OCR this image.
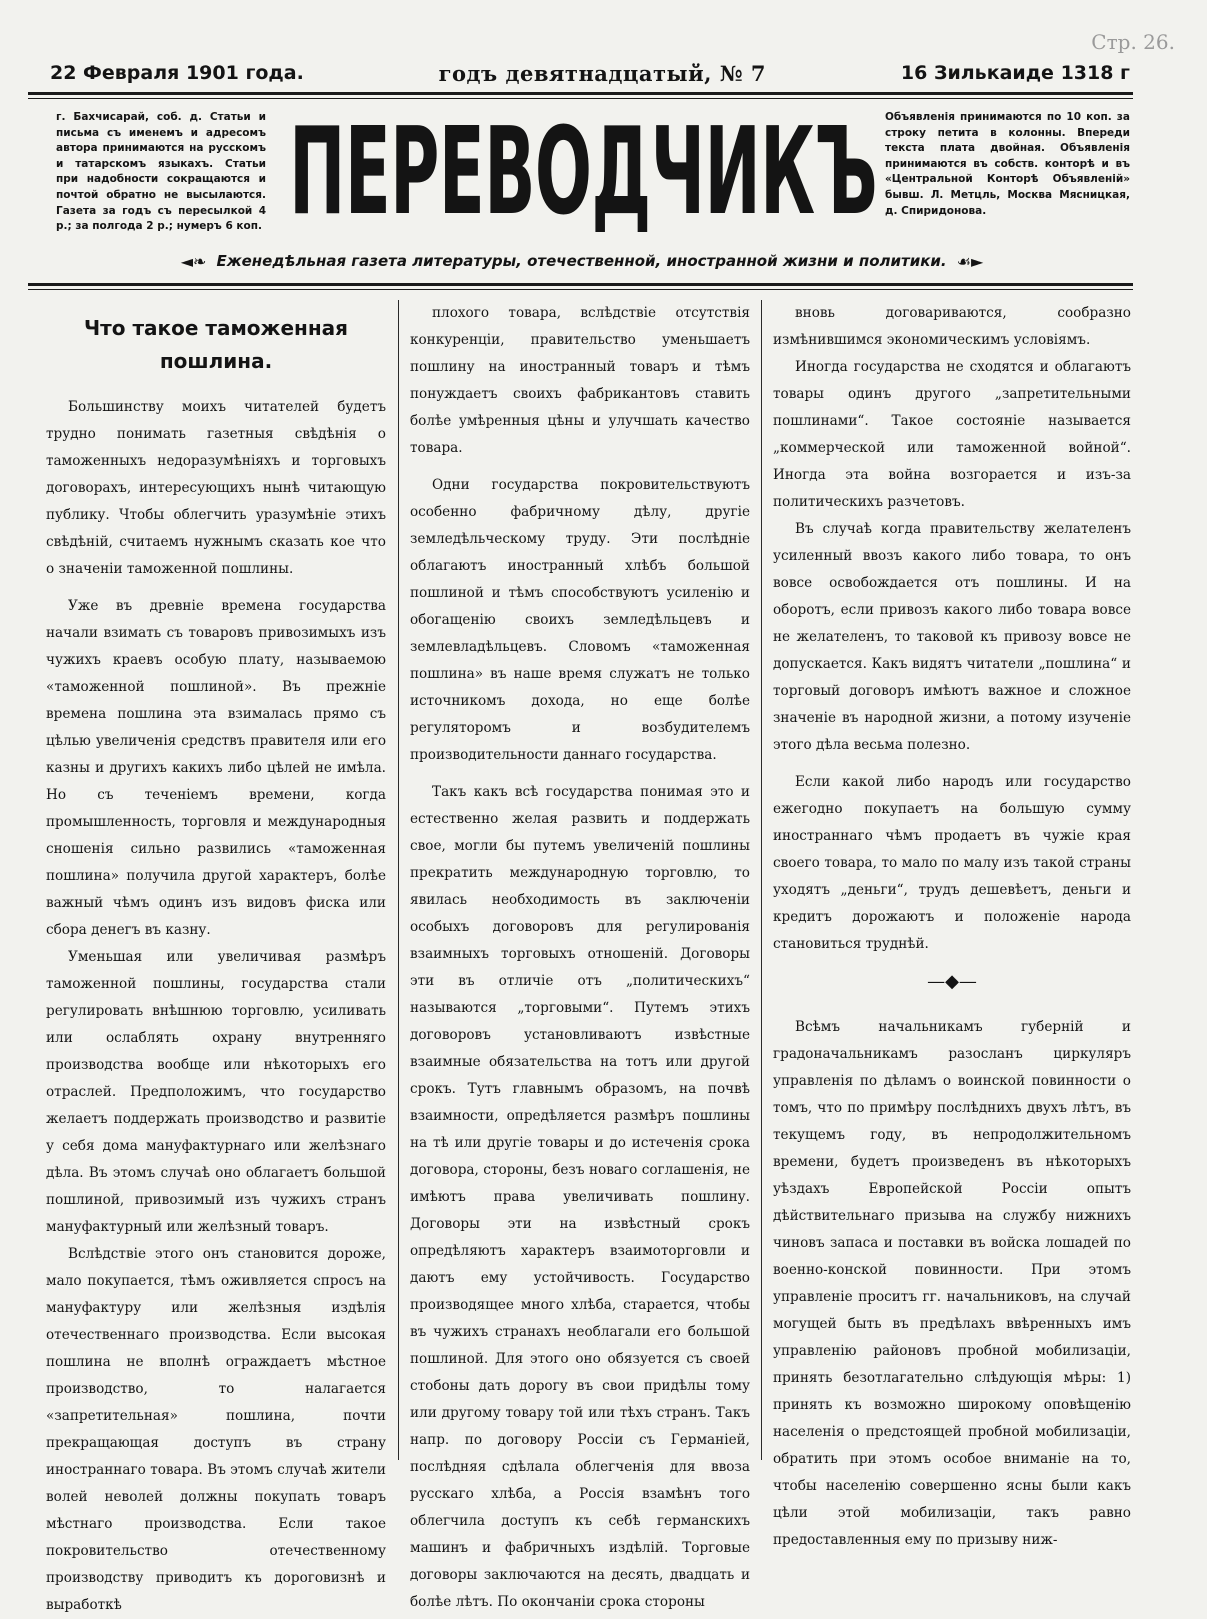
Стр. 26.
22 Февраля 1901 года.	годъ девятнадцатый, № 7	16 Зилькаиде 1318 г
г. Бахчисарай, соб. д. Статьи и письма съ именемъ и адресомъ автора принимаются на русскомъ и татарскомъ языкахъ. Статьи при надобности сокращаются и почтой обратно не высылаются. Газета за годъ съ пересылкой 4 р.; за полгода 2 р.; нумеръ 6 коп. ПЕРЕВОДЧИКЪ Объявленія принимаются по 10 коп. за строку петита в колонны. Впереди текста плата двойная. Объявленія принимаются въ собств. конторѣ и въ «Центральной Конторѣ Объявленій» бывш. Л. Метцль, Москва Мясницкая, д. Спиридонова.
◄❧ Еженедѣльная газета литературы, отечественной, иностранной жизни и политики. ☙►
Что такое таможенная пошлина.

Большинству моихъ читателей будетъ трудно понимать газетныя свѣдѣнія о таможенныхъ недоразумѣніяхъ и торговыхъ договорахъ, интересующихъ нынѣ читающую публику. Чтобы облегчить уразумѣніе этихъ свѣдѣній, считаемъ нужнымъ сказать кое что о значеніи таможенной пошлины.

Уже въ древніе времена государства начали взимать съ товаровъ привозимыхъ изъ чужихъ краевъ особую плату, называемою «таможенной пошлиной». Въ прежніе времена пошлина эта взималась прямо съ цѣлью увеличенія средствъ правителя или его казны и другихъ какихъ либо цѣлей не имѣла. Но съ теченіемъ времени, когда промышленность, торговля и международныя сношенія сильно развились «таможенная пошлина» получила другой характеръ, болѣе важный чѣмъ одинъ изъ видовъ фиска или сбора денегъ въ казну.

Уменьшая или увеличивая размѣръ таможенной пошлины, государства стали регулировать внѣшнюю торговлю, усиливать или ослаблять охрану внутренняго производства вообще или нѣкоторыхъ его отраслей. Предположимъ, что государство желаетъ поддержать производство и развитіе у себя дома мануфактурнаго или желѣзнаго дѣла. Въ этомъ случаѣ оно облагаетъ большой пошлиной, привозимый изъ чужихъ странъ мануфактурный или желѣзный товаръ.

Вслѣдствіе этого онъ становится дороже, мало покупается, тѣмъ оживляется спросъ на мануфактуру или желѣзныя издѣлія отечественнаго производства. Если высокая пошлина не вполнѣ ограждаетъ мѣстное производство, то налагается «запретительная» пошлина, почти прекращающая доступъ въ страну иностраннаго товара. Въ этомъ случаѣ жители волей неволей должны покупать товаръ мѣстнаго производства. Если такое покровительство отечественному производству приводитъ къ дороговизнѣ и выработкѣ

плохого товара, вслѣдствіе отсутствія конкуренціи, правительство уменьшаетъ пошлину на иностранный товаръ и тѣмъ понуждаетъ своихъ фабрикантовъ ставить болѣе умѣренныя цѣны и улучшать качество товара.

Одни государства покровительствуютъ особенно фабричному дѣлу, другіе земледѣльческому труду. Эти послѣдніе облагаютъ иностранный хлѣбъ большой пошлиной и тѣмъ способствуютъ усиленію и обогащенію своихъ земледѣльцевъ и землевладѣльцевъ. Словомъ «таможенная пошлина» въ наше время служатъ не только источникомъ дохода, но еще болѣе регуляторомъ и возбудителемъ производительности даннаго государства.

Такъ какъ всѣ государства понимая это и естественно желая развить и поддержать свое, могли бы путемъ увеличеній пошлины прекратить международную торговлю, то явилась необходимость въ заключеніи особыхъ договоровъ для регулированія взаимныхъ торговыхъ отношеній. Договоры эти въ отличіе отъ „политическихъ“ называются „торговыми“. Путемъ этихъ договоровъ установливаютъ извѣстные взаимные обязательства на тотъ или другой срокъ. Тутъ главнымъ образомъ, на почвѣ взаимности, опредѣляется размѣръ пошлины на тѣ или другіе товары и до истеченія срока договора, стороны, безъ новаго соглашенія, не имѣютъ права увеличивать пошлину. Договоры эти на извѣстный срокъ опредѣляютъ характеръ взаимоторговли и даютъ ему устойчивость. Государство производящее много хлѣба, старается, чтобы въ чужихъ странахъ необлагали его большой пошлиной. Для этого оно обязуется съ своей стобоны дать дорогу въ свои придѣлы тому или другому товару той или тѣхъ странъ. Такъ напр. по договору Россіи съ Германіей, послѣдняя сдѣлала облегченія для ввоза русскаго хлѣба, а Россія взамѣнъ того облегчила доступъ къ себѣ германскихъ машинъ и фабричныхъ издѣлій. Торговые договоры заключаются на десять, двадцать и болѣе лѣтъ. По окончаніи срока стороны

вновь договариваются, сообразно измѣнившимся экономическимъ условіямъ.

Иногда государства не сходятся и облагаютъ товары одинъ другого „запретительными пошлинами“. Такое состояніе называется „коммерческой или таможенной войной“. Иногда эта война возгорается и изъ-за политическихъ разчетовъ.

Въ случаѣ когда правительству желателенъ усиленный ввозъ какого либо товара, то онъ вовсе освобождается отъ пошлины. И на оборотъ, если привозъ какого либо товара вовсе не желателенъ, то таковой къ привозу вовсе не допускается. Какъ видятъ читатели „пошлина“ и торговый договоръ имѣютъ важное и сложное значеніе въ народной жизни, а потому изученіе этого дѣла весьма полезно.

Если какой либо народъ или государство ежегодно покупаетъ на большую сумму иностраннаго чѣмъ продаетъ въ чужіе края своего товара, то мало по малу изъ такой страны уходятъ „деньги“, трудъ дешевѣетъ, деньги и кредитъ дорожаютъ и положеніе народа становиться труднѣй.

—◆—

Всѣмъ начальникамъ губерній и градоначальникамъ разосланъ циркуляръ управленія по дѣламъ о воинской повинности о томъ, что по примѣру послѣднихъ двухъ лѣтъ, въ текущемъ году, въ непродолжительномъ времени, будетъ произведенъ въ нѣкоторыхъ уѣздахъ Европейской Россіи опытъ дѣйствительнаго призыва на службу нижнихъ чиновъ запаса и поставки въ войска лошадей по военно-конской повинности. При этомъ управленіе проситъ гг. начальниковъ, на случай могущей быть въ предѣлахъ ввѣренныхъ имъ управленію районовъ пробной мобилизаціи, принять безотлагательно слѣдующія мѣры: 1) принять къ возможно широкому оповѣщенію населенія о предстоящей пробной мобилизаціи, обратить при этомъ особое вниманіе на то, чтобы населенію совершенно ясны были какъ цѣли этой мобилизаціи, такъ равно предоставленныя ему по призыву ниж-
